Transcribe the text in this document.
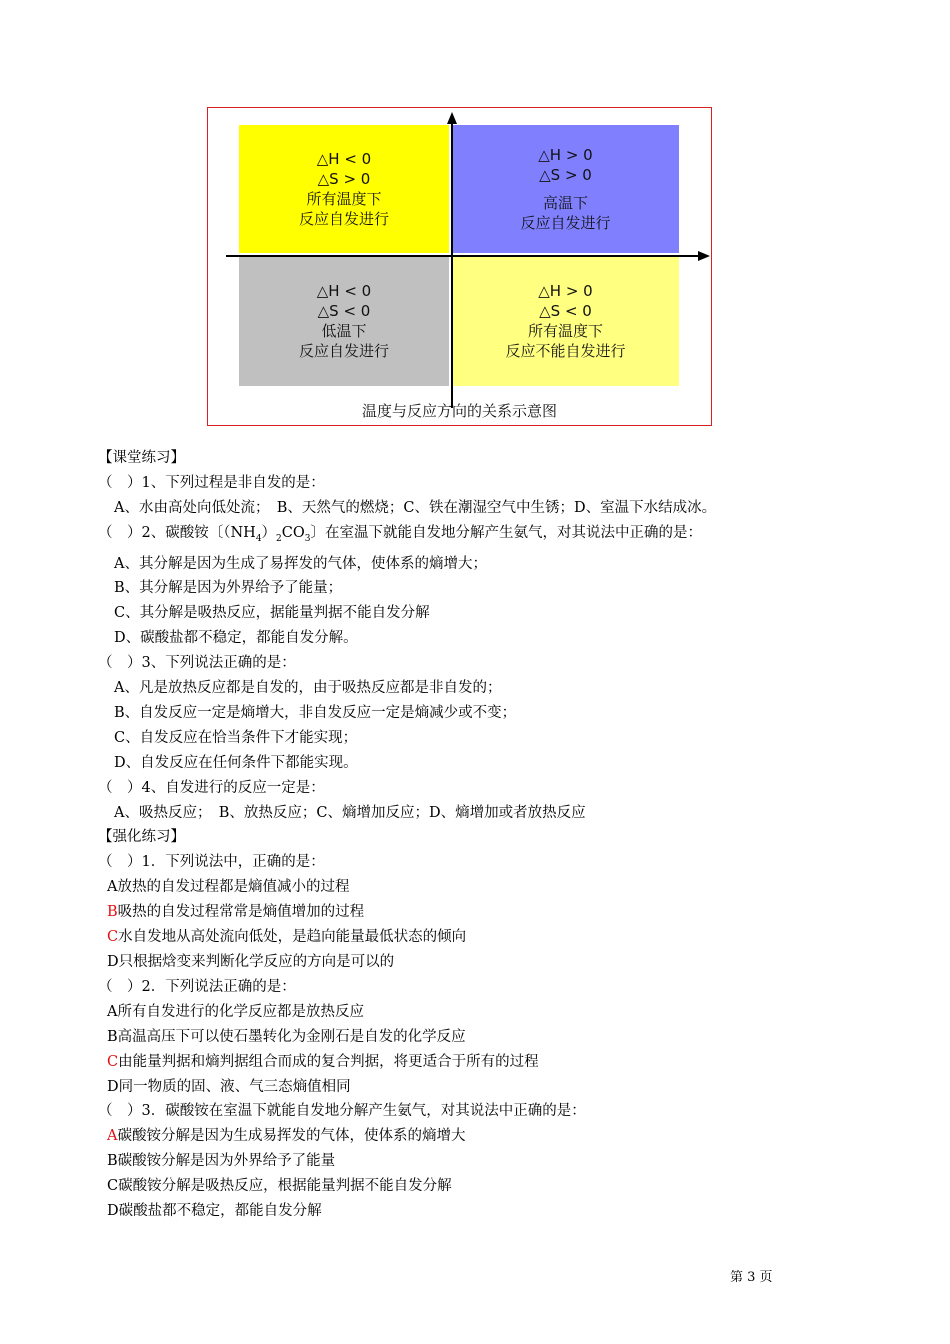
△H < 0
△S > 0
所有温度下
反应自发进行
△H > 0
△S > 0
高温下
反应自发进行
△H < 0
△S < 0
低温下
反应自发进行
△H > 0
△S < 0
所有温度下
反应不能自发进行
温度与反应方向的关系示意图
【课堂练习】
（　）1、下列过程是非自发的是：
A、水由高处向低处流；　B、天然气的燃烧；C、铁在潮湿空气中生锈；D、室温下水结成冰。
（　）2、碳酸铵〔$(NH_4)_2CO_3$〕在室温下就能自发地分解产生氨气，对其说法中正确的是：
A、其分解是因为生成了易挥发的气体，使体系的熵增大；
B、其分解是因为外界给予了能量；
C、其分解是吸热反应，据能量判据不能自发分解
D、碳酸盐都不稳定，都能自发分解。
（　）3、下列说法正确的是：
A、凡是放热反应都是自发的，由于吸热反应都是非自发的；
B、自发反应一定是熵增大，非自发反应一定是熵减少或不变；
C、自发反应在恰当条件下才能实现；
D、自发反应在任何条件下都能实现。
（　）4、自发进行的反应一定是：
A、吸热反应；　B、放热反应；C、熵增加反应；D、熵增加或者放热反应
【强化练习】
（　）1．下列说法中，正确的是：
A放热的自发过程都是熵值减小的过程
B吸热的自发过程常常是熵值增加的过程
C水自发地从高处流向低处，是趋向能量最低状态的倾向
D只根据焓变来判断化学反应的方向是可以的
（　）2．下列说法正确的是：
A所有自发进行的化学反应都是放热反应
B高温高压下可以使石墨转化为金刚石是自发的化学反应
C由能量判据和熵判据组合而成的复合判据，将更适合于所有的过程
D同一物质的固、液、气三态熵值相同
（　）3．碳酸铵在室温下就能自发地分解产生氨气，对其说法中正确的是：
A碳酸铵分解是因为生成易挥发的气体，使体系的熵增大
B碳酸铵分解是因为外界给予了能量
C碳酸铵分解是吸热反应，根据能量判据不能自发分解
D碳酸盐都不稳定，都能自发分解
第 3 页
